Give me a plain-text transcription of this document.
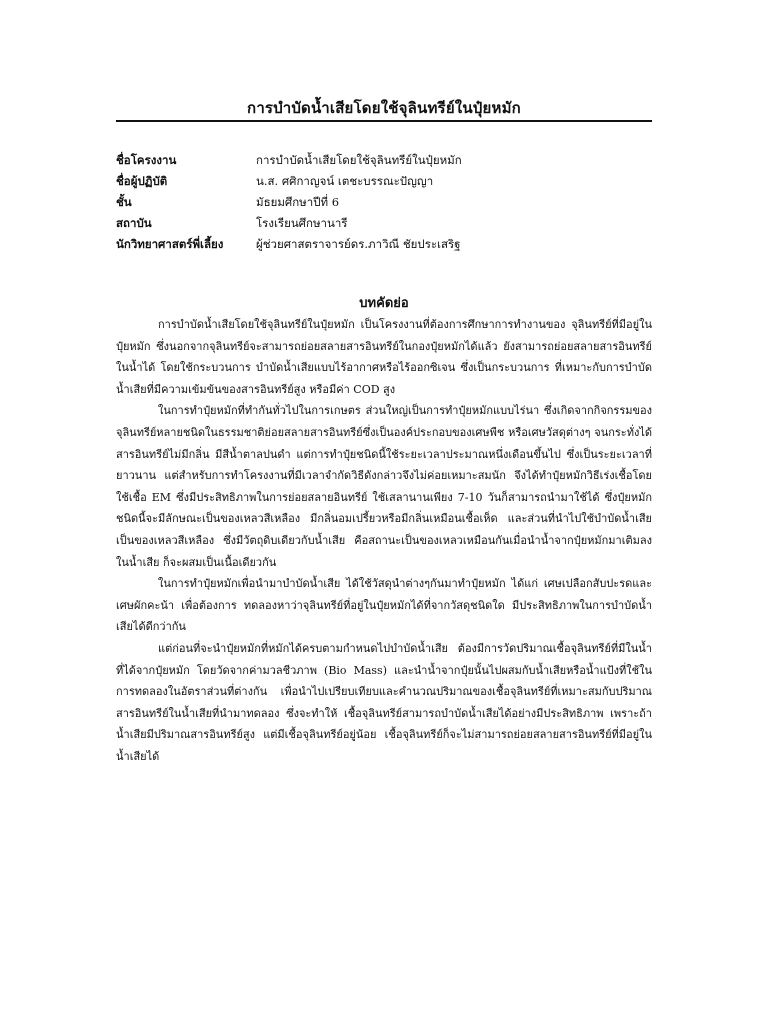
การบำบัดน้ำเสียโดยใช้จุลินทรีย์ในปุ๋ยหมัก
ชื่อโครงงาน	การบำบัดน้ำเสียโดยใช้จุลินทรีย์ในปุ๋ยหมัก
ชื่อผู้ปฏิบัติ	น.ส. ศศิกาญจน์ เตชะบรรณะปัญญา
ชั้น	มัธยมศึกษาปีที่ 6
สถาบัน	โรงเรียนศึกษานารี
นักวิทยาศาสตร์พี่เลี้ยง	ผู้ช่วยศาสตราจารย์ดร.ภาวิณี ชัยประเสริฐ
บทคัดย่อ

การบำบัดน้ำเสียโดยใช้จุลินทรีย์ในปุ๋ยหมัก เป็นโครงงานที่ต้องการศึกษาการทำงานของ จุลินทรีย์ที่มีอยู่ในปุ๋ยหมัก ซึ่งนอกจากจุลินทรีย์จะสามารถย่อยสลายสารอินทรีย์ในกองปุ๋ยหมักได้แล้ว ยังสามารถย่อยสลายสารอินทรีย์ในน้ำได้ โดยใช้กระบวนการ บำบัดน้ำเสียแบบไร้อากาศหรือไร้ออกซิเจน ซึ่งเป็นกระบวนการ ที่เหมาะกับการบำบัดน้ำเสียที่มีความเข้มข้นของสารอินทรีย์สูง หรือมีค่า COD สูง

ในการทำปุ๋ยหมักที่ทำกันทั่วไปในการเกษตร ส่วนใหญ่เป็นการทำปุ๋ยหมักแบบไร่นา ซึ่งเกิดจากกิจกรรมของจุลินทรีย์หลายชนิดในธรรมชาติย่อยสลายสารอินทรีย์ซึ่งเป็นองค์ประกอบของเศษพืช หรือเศษวัสดุต่างๆ จนกระทั่งได้สารอินทรีย์ไม่มีกลิ่น มีสีน้ำตาลปนดำ แต่การทำปุ๋ยชนิดนี้ใช้ระยะเวลาประมาณหนึ่งเดือนขึ้นไป ซึ่งเป็นระยะเวลาที่ยาวนาน แต่สำหรับการทำโครงงานที่มีเวลาจำกัดวิธีดังกล่าวจึงไม่ค่อยเหมาะสมนัก จึงได้ทำปุ๋ยหมักวิธีเร่งเชื้อโดยใช้เชื้อ EM ซึ่งมีประสิทธิภาพในการย่อยสลายอินทรีย์ ใช้เสลานานเพียง 7-10 วันก็สามารถนำมาใช้ได้ ซึ่งปุ๋ยหมักชนิดนี้จะมีลักษณะเป็นของเหลวสีเหลือง มีกลิ่นอมเปรี้ยวหรือมีกลิ่นเหมือนเชื้อเห็ด และส่วนที่นำไปใช้บำบัดน้ำเสียเป็นของเหลวสีเหลือง ซึ่งมีวัตถุดิบเดียวกับน้ำเสีย คือสถานะเป็นของเหลวเหมือนกันเมื่อนำน้ำจากปุ๋ยหมักมาเติมลงในน้ำเสีย ก็จะผสมเป็นเนื้อเดียวกัน

ในการทำปุ๋ยหมักเพื่อนำมาบำบัดน้ำเสีย ได้ใช้วัสดุนำต่างๆกันมาทำปุ๋ยหมัก ได้แก่ เศษเปลือกสับปะรดและเศษผักคะน้า เพื่อต้องการ ทดลองหาว่าจุลินทรีย์ที่อยู่ในปุ๋ยหมักได้ที่จากวัสดุชนิดใด มีประสิทธิภาพในการบำบัดน้ำเสียได้ดีกว่ากัน

แต่ก่อนที่จะนำปุ๋ยหมักที่หมักได้ครบตามกำหนดไปบำบัดน้ำเสีย ต้องมีการวัดปริมาณเชื้อจุลินทรีย์ที่มีในน้ำที่ได้จากปุ๋ยหมัก โดยวัดจากค่ามวลชีวภาพ (Bio Mass) และนำน้ำจากปุ๋ยนั้นไปผสมกับน้ำเสียหรือน้ำแป้งที่ใช้ในการทดลองในอัตราส่วนที่ต่างกัน เพื่อนำไปเปรียบเทียบและคำนวณปริมาณของเชื้อจุลินทรีย์ที่เหมาะสมกับปริมาณสารอินทรีย์ในน้ำเสียที่นำมาทดลอง ซึ่งจะทำให้ เชื้อจุลินทรีย์สามารถบำบัดน้ำเสียได้อย่างมีประสิทธิภาพ เพราะถ้าน้ำเสียมีปริมาณสารอินทรีย์สูง แต่มีเชื้อจุลินทรีย์อยู่น้อย เชื้อจุลินทรีย์ก็จะไม่สามารถย่อยสลายสารอินทรีย์ที่มีอยู่ในน้ำเสียได้
